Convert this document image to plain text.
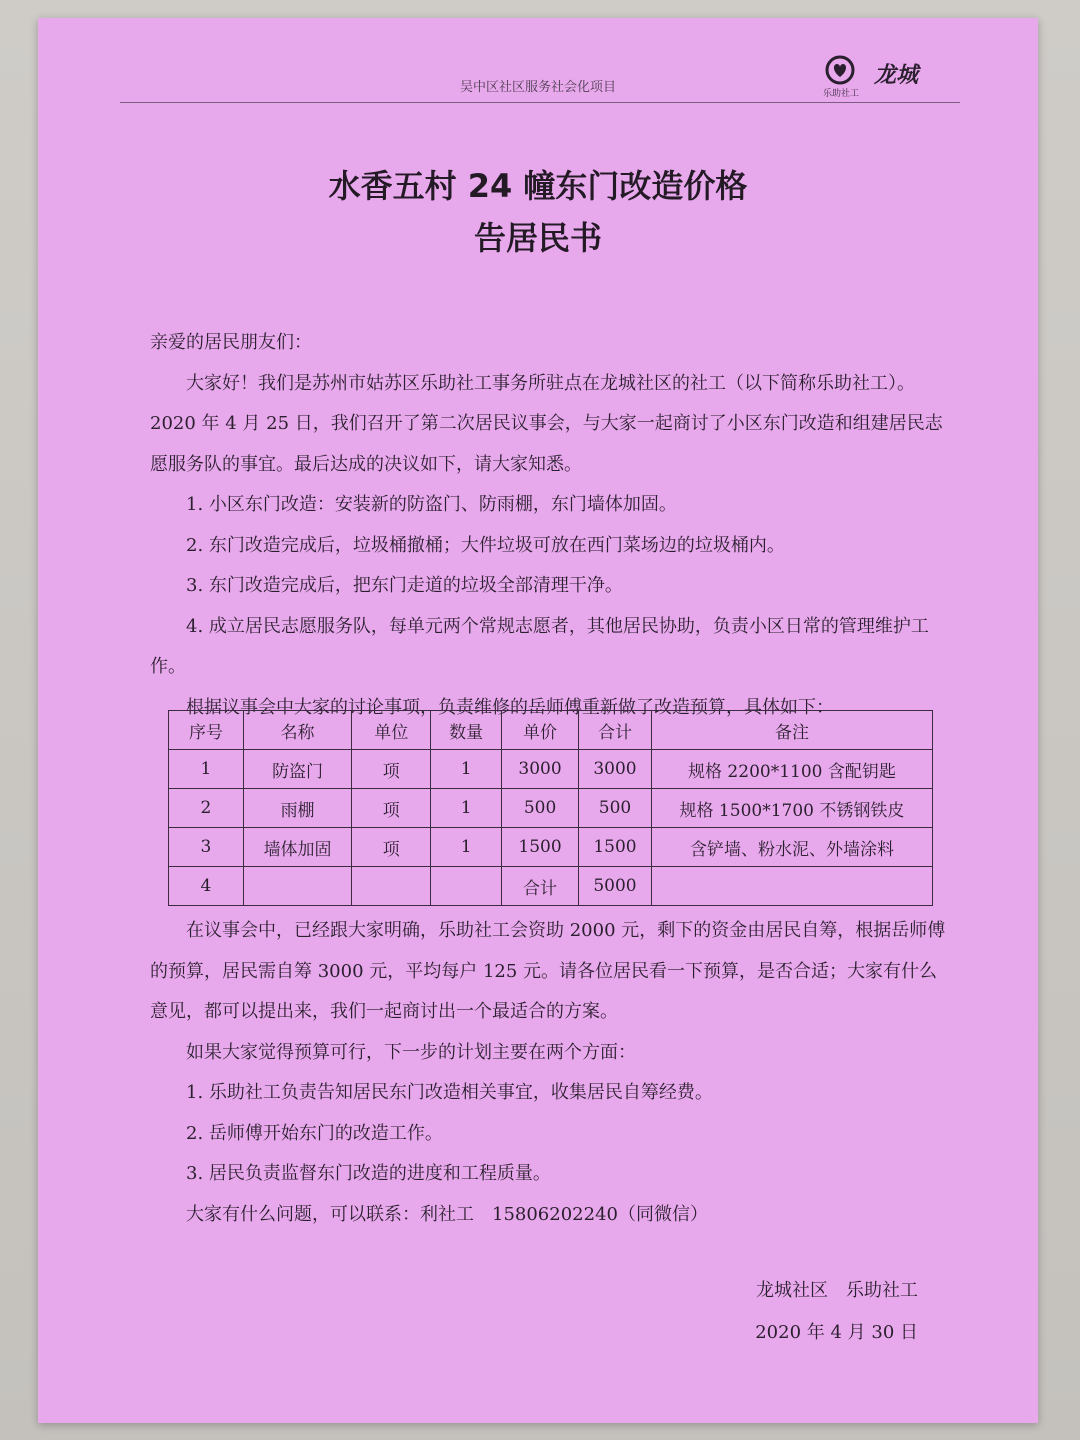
吴中区社区服务社会化项目	乐助社工
龙城
水香五村 24 幢东门改造价格
告居民书

亲爱的居民朋友们：

大家好！我们是苏州市姑苏区乐助社工事务所驻点在龙城社区的社工（以下简称乐助社工）。2020 年 4 月 25 日，我们召开了第二次居民议事会，与大家一起商讨了小区东门改造和组建居民志愿服务队的事宜。最后达成的决议如下，请大家知悉。

1. 小区东门改造：安装新的防盗门、防雨棚，东门墙体加固。

2. 东门改造完成后，垃圾桶撤桶；大件垃圾可放在西门菜场边的垃圾桶内。

3. 东门改造完成后，把东门走道的垃圾全部清理干净。

4. 成立居民志愿服务队，每单元两个常规志愿者，其他居民协助，负责小区日常的管理维护工作。

根据议事会中大家的讨论事项，负责维修的岳师傅重新做了改造预算，具体如下：

序号	名称	单位	数量	单价	合计	备注
1	防盗门	项	1	3000	3000	规格 2200*1100 含配钥匙
2	雨棚	项	1	500	500	规格 1500*1700 不锈钢铁皮
3	墙体加固	项	1	1500	1500	含铲墙、粉水泥、外墙涂料
4				合计	5000	

在议事会中，已经跟大家明确，乐助社工会资助 2000 元，剩下的资金由居民自筹，根据岳师傅的预算，居民需自筹 3000 元，平均每户 125 元。请各位居民看一下预算，是否合适；大家有什么意见，都可以提出来，我们一起商讨出一个最适合的方案。

如果大家觉得预算可行，下一步的计划主要在两个方面：

1. 乐助社工负责告知居民东门改造相关事宜，收集居民自筹经费。

2. 岳师傅开始东门的改造工作。

3. 居民负责监督东门改造的进度和工程质量。

大家有什么问题，可以联系：利社工　15806202240（同微信）

龙城社区　乐助社工
2020 年 4 月 30 日
